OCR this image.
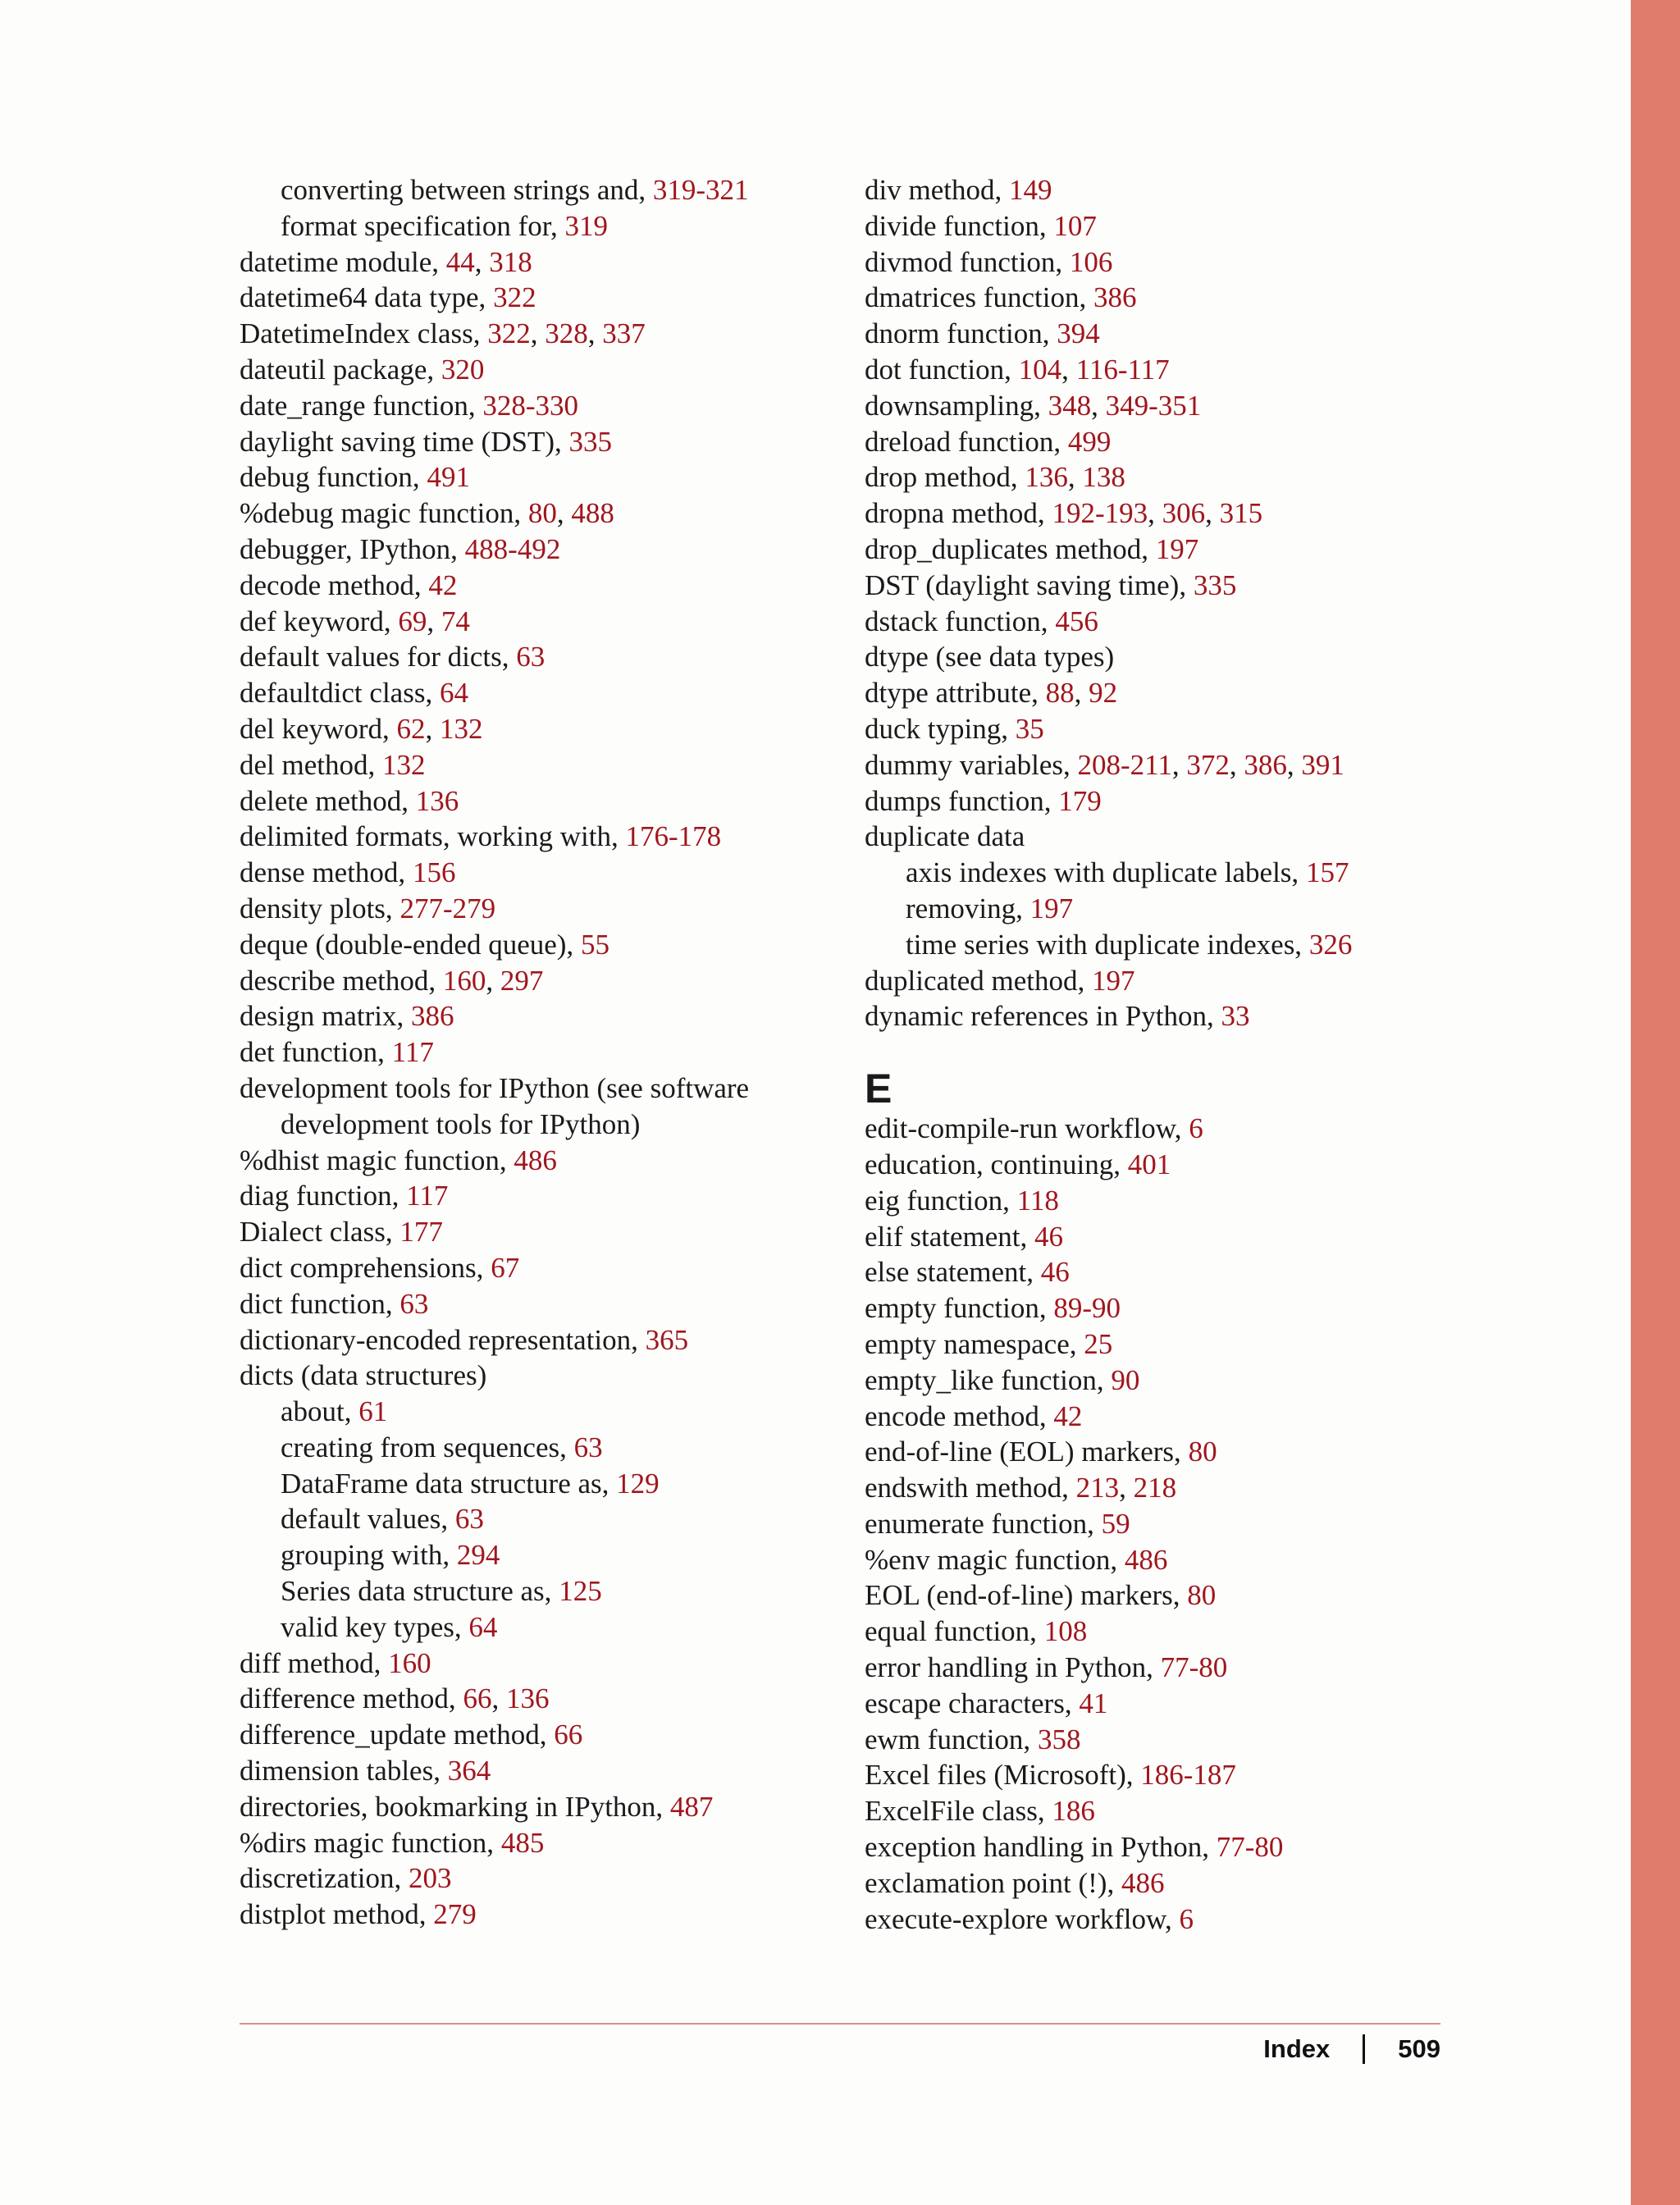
converting between strings and, 319-321
format specification for, 319
datetime module, 44, 318
datetime64 data type, 322
DatetimeIndex class, 322, 328, 337
dateutil package, 320
date_range function, 328-330
daylight saving time (DST), 335
debug function, 491
%debug magic function, 80, 488
debugger, IPython, 488-492
decode method, 42
def keyword, 69, 74
default values for dicts, 63
defaultdict class, 64
del keyword, 62, 132
del method, 132
delete method, 136
delimited formats, working with, 176-178
dense method, 156
density plots, 277-279
deque (double-ended queue), 55
describe method, 160, 297
design matrix, 386
det function, 117
development tools for IPython (see software
development tools for IPython)
%dhist magic function, 486
diag function, 117
Dialect class, 177
dict comprehensions, 67
dict function, 63
dictionary-encoded representation, 365
dicts (data structures)
about, 61
creating from sequences, 63
DataFrame data structure as, 129
default values, 63
grouping with, 294
Series data structure as, 125
valid key types, 64
diff method, 160
difference method, 66, 136
difference_update method, 66
dimension tables, 364
directories, bookmarking in IPython, 487
%dirs magic function, 485
discretization, 203
distplot method, 279
div method, 149
divide function, 107
divmod function, 106
dmatrices function, 386
dnorm function, 394
dot function, 104, 116-117
downsampling, 348, 349-351
dreload function, 499
drop method, 136, 138
dropna method, 192-193, 306, 315
drop_duplicates method, 197
DST (daylight saving time), 335
dstack function, 456
dtype (see data types)
dtype attribute, 88, 92
duck typing, 35
dummy variables, 208-211, 372, 386, 391
dumps function, 179
duplicate data
axis indexes with duplicate labels, 157
removing, 197
time series with duplicate indexes, 326
duplicated method, 197
dynamic references in Python, 33
E
edit-compile-run workflow, 6
education, continuing, 401
eig function, 118
elif statement, 46
else statement, 46
empty function, 89-90
empty namespace, 25
empty_like function, 90
encode method, 42
end-of-line (EOL) markers, 80
endswith method, 213, 218
enumerate function, 59
%env magic function, 486
EOL (end-of-line) markers, 80
equal function, 108
error handling in Python, 77-80
escape characters, 41
ewm function, 358
Excel files (Microsoft), 186-187
ExcelFile class, 186
exception handling in Python, 77-80
exclamation point (!), 486
execute-explore workflow, 6
Index	509
